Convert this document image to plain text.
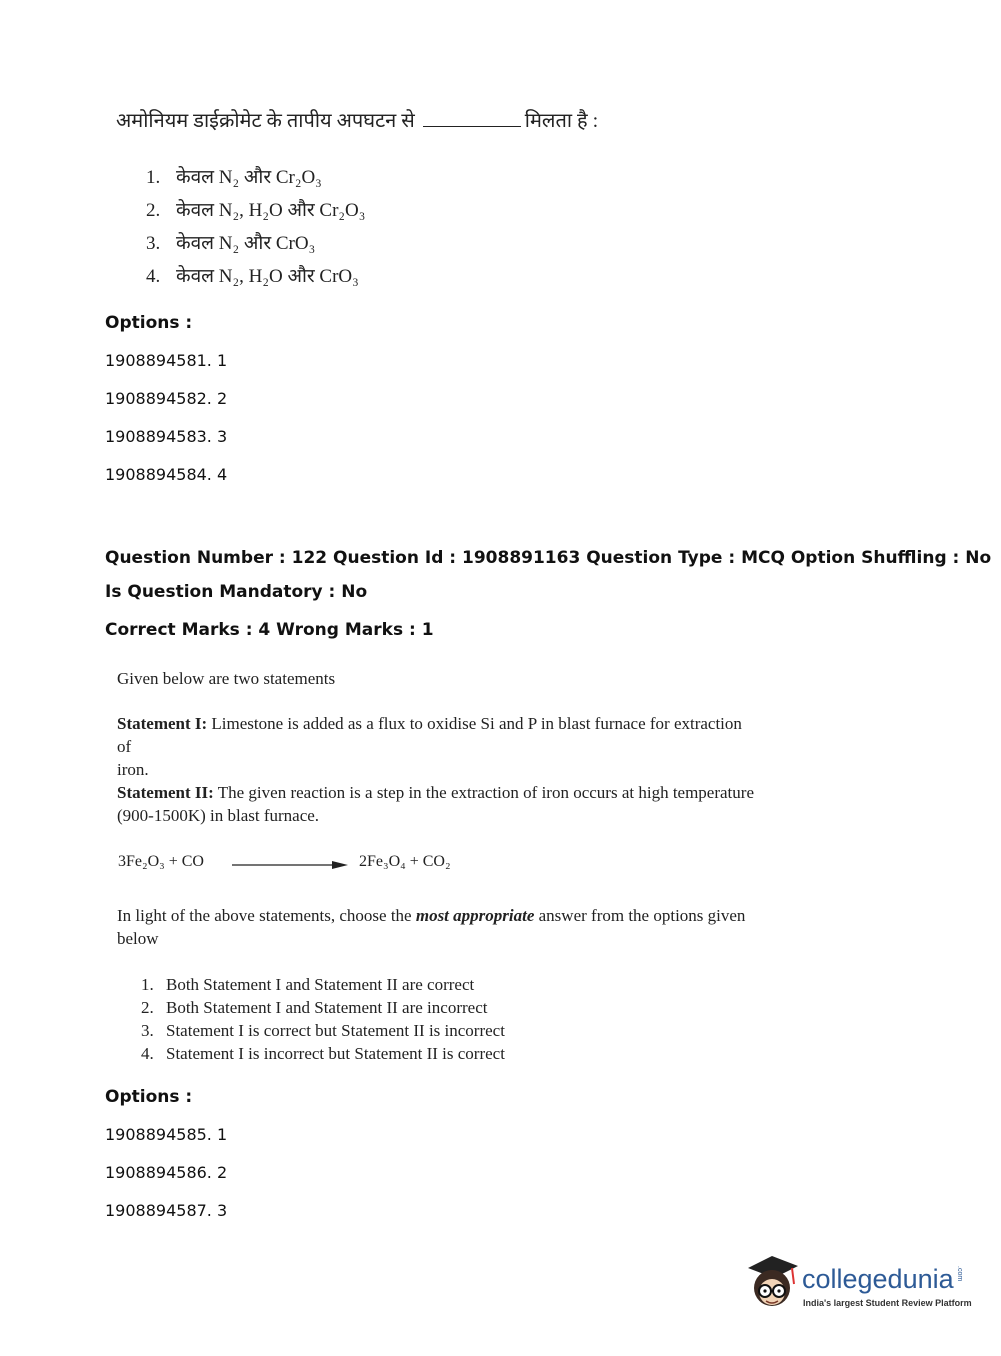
अमोनियम डाईक्रोमेट के तापीय अपघटन से	मिलता है :
1. केवल N₂ और Cr₂O₃
2. केवल N₂, H₂O और Cr₂O₃
3. केवल N₂ और CrO₃
4. केवल N₂, H₂O और CrO₃
Options :
1908894581. 1
1908894582. 2
1908894583. 3
1908894584. 4
Question Number : 122 Question Id : 1908891163 Question Type : MCQ Option Shuffling : No
Is Question Mandatory : No
Correct Marks : 4 Wrong Marks : 1
Given below are two statements
Statement I: Limestone is added as a flux to oxidise Si and P in blast furnace for extraction of
iron.
Statement II: The given reaction is a step in the extraction of iron occurs at high temperature
(900-1500K) in blast furnace.
3Fe₂O₃ + CO	2Fe₃O₄ + CO₂
In light of the above statements, choose the most appropriate answer from the options given
below
1. Both Statement I and Statement II are correct
2. Both Statement I and Statement II are incorrect
3. Statement I is correct but Statement II is incorrect
4. Statement I is incorrect but Statement II is correct
Options :
1908894585. 1
1908894586. 2
1908894587. 3
collegedunia .com
India's largest Student Review Platform
